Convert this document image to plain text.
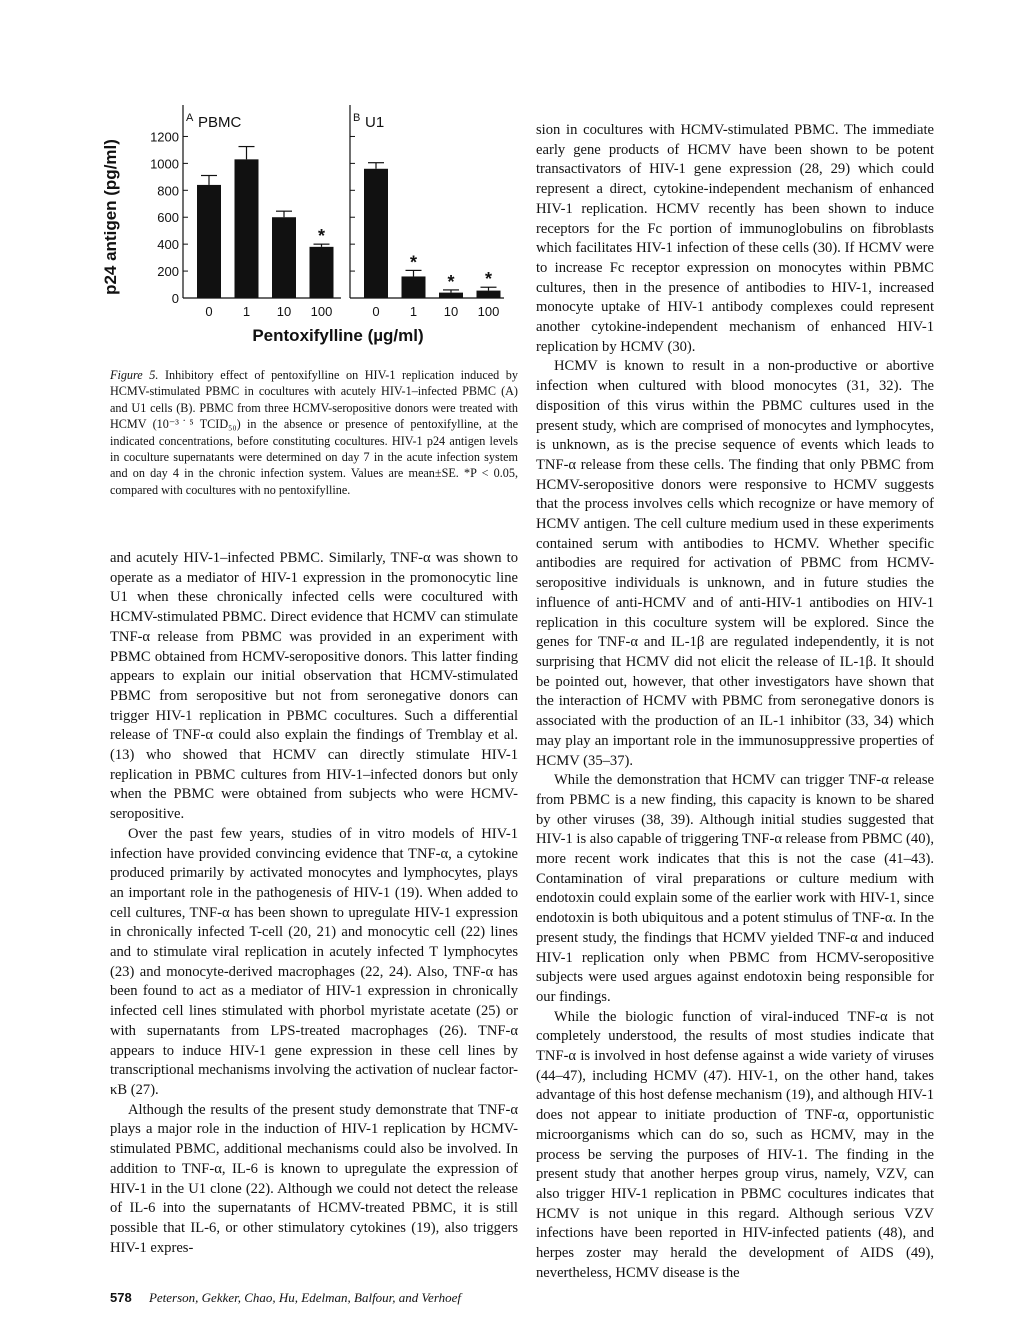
p24 antigen (pg/ml)
Pentoxifylline (µg/ml)
0
200
400
600
800
1000
1200
A PBMC
0 1 10
*
100
B U1
0
*
1
*
10
*
100
Figure 5. Inhibitory effect of pentoxifylline on HIV-1 replication induced by HCMV-stimulated PBMC in cocultures with acutely HIV-1–infected PBMC (A) and U1 cells (B). PBMC from three HCMV-seropositive donors were treated with HCMV (10⁻³˙⁵ TCID₅₀) in the absence or presence of pentoxifylline, at the indicated concentrations, before constituting cocultures. HIV-1 p24 antigen levels in coculture supernatants were determined on day 7 in the acute infection system and on day 4 in the chronic infection system. Values are mean±SE. *P < 0.05, compared with cocultures with no pentoxifylline.

and acutely HIV-1–infected PBMC. Similarly, TNF-α was shown to operate as a mediator of HIV-1 expression in the promonocytic line U1 when these chronically infected cells were cocultured with HCMV-stimulated PBMC. Direct evidence that HCMV can stimulate TNF-α release from PBMC was provided in an experiment with PBMC obtained from HCMV-seropositive donors. This latter finding appears to explain our initial observation that HCMV-stimulated PBMC from seropositive but not from seronegative donors can trigger HIV-1 replication in PBMC cocultures. Such a differential release of TNF-α could also explain the findings of Tremblay et al. (13) who showed that HCMV can directly stimulate HIV-1 replication in PBMC cultures from HIV-1–infected donors but only when the PBMC were obtained from subjects who were HCMV-seropositive.

Over the past few years, studies of in vitro models of HIV-1 infection have provided convincing evidence that TNF-α, a cytokine produced primarily by activated monocytes and lymphocytes, plays an important role in the pathogenesis of HIV-1 (19). When added to cell cultures, TNF-α has been shown to upregulate HIV-1 expression in chronically infected T-cell (20, 21) and monocytic cell (22) lines and to stimulate viral replication in acutely infected T lymphocytes (23) and monocyte-derived macrophages (22, 24). Also, TNF-α has been found to act as a mediator of HIV-1 expression in chronically infected cell lines stimulated with phorbol myristate acetate (25) or with supernatants from LPS-treated macrophages (26). TNF-α appears to induce HIV-1 gene expression in these cell lines by transcriptional mechanisms involving the activation of nuclear factor-κB (27).

Although the results of the present study demonstrate that TNF-α plays a major role in the induction of HIV-1 replication by HCMV-stimulated PBMC, additional mechanisms could also be involved. In addition to TNF-α, IL-6 is known to upregulate the expression of HIV-1 in the U1 clone (22). Although we could not detect the release of IL-6 into the supernatants of HCMV-treated PBMC, it is still possible that IL-6, or other stimulatory cytokines (19), also triggers HIV-1 expres-

sion in cocultures with HCMV-stimulated PBMC. The immediate early gene products of HCMV have been shown to be potent transactivators of HIV-1 gene expression (28, 29) which could represent a direct, cytokine-independent mechanism of enhanced HIV-1 replication. HCMV recently has been shown to induce receptors for the Fc portion of immunoglobulins on fibroblasts which facilitates HIV-1 infection of these cells (30). If HCMV were to increase Fc receptor expression on monocytes within PBMC cultures, then in the presence of antibodies to HIV-1, increased monocyte uptake of HIV-1 antibody complexes could represent another cytokine-independent mechanism of enhanced HIV-1 replication by HCMV (30).

HCMV is known to result in a non-productive or abortive infection when cultured with blood monocytes (31, 32). The disposition of this virus within the PBMC cultures used in the present study, which are comprised of monocytes and lymphocytes, is unknown, as is the precise sequence of events which leads to TNF-α release from these cells. The finding that only PBMC from HCMV-seropositive donors were responsive to HCMV suggests that the process involves cells which recognize or have memory of HCMV antigen. The cell culture medium used in these experiments contained serum with antibodies to HCMV. Whether specific antibodies are required for activation of PBMC from HCMV-seropositive individuals is unknown, and in future studies the influence of anti-HCMV and of anti-HIV-1 antibodies on HIV-1 replication in this coculture system will be explored. Since the genes for TNF-α and IL-1β are regulated independently, it is not surprising that HCMV did not elicit the release of IL-1β. It should be pointed out, however, that other investigators have shown that the interaction of HCMV with PBMC from seronegative donors is associated with the production of an IL-1 inhibitor (33, 34) which may play an important role in the immunosuppressive properties of HCMV (35–37).

While the demonstration that HCMV can trigger TNF-α release from PBMC is a new finding, this capacity is known to be shared by other viruses (38, 39). Although initial studies suggested that HIV-1 is also capable of triggering TNF-α release from PBMC (40), more recent work indicates that this is not the case (41–43). Contamination of viral preparations or culture medium with endotoxin could explain some of the earlier work with HIV-1, since endotoxin is both ubiquitous and a potent stimulus of TNF-α. In the present study, the findings that HCMV yielded TNF-α and induced HIV-1 replication only when PBMC from HCMV-seropositive subjects were used argues against endotoxin being responsible for our findings.

While the biologic function of viral-induced TNF-α is not completely understood, the results of most studies indicate that TNF-α is involved in host defense against a wide variety of viruses (44–47), including HCMV (47). HIV-1, on the other hand, takes advantage of this host defense mechanism (19), and although HIV-1 does not appear to initiate production of TNF-α, opportunistic microorganisms which can do so, such as HCMV, may in the process be serving the purposes of HIV-1. The finding in the present study that another herpes group virus, namely, VZV, can also trigger HIV-1 replication in PBMC cocultures indicates that HCMV is not unique in this regard. Although serious VZV infections have been reported in HIV-infected patients (48), and herpes zoster may herald the development of AIDS (49), nevertheless, HCMV disease is the

578 Peterson, Gekker, Chao, Hu, Edelman, Balfour, and Verhoef
